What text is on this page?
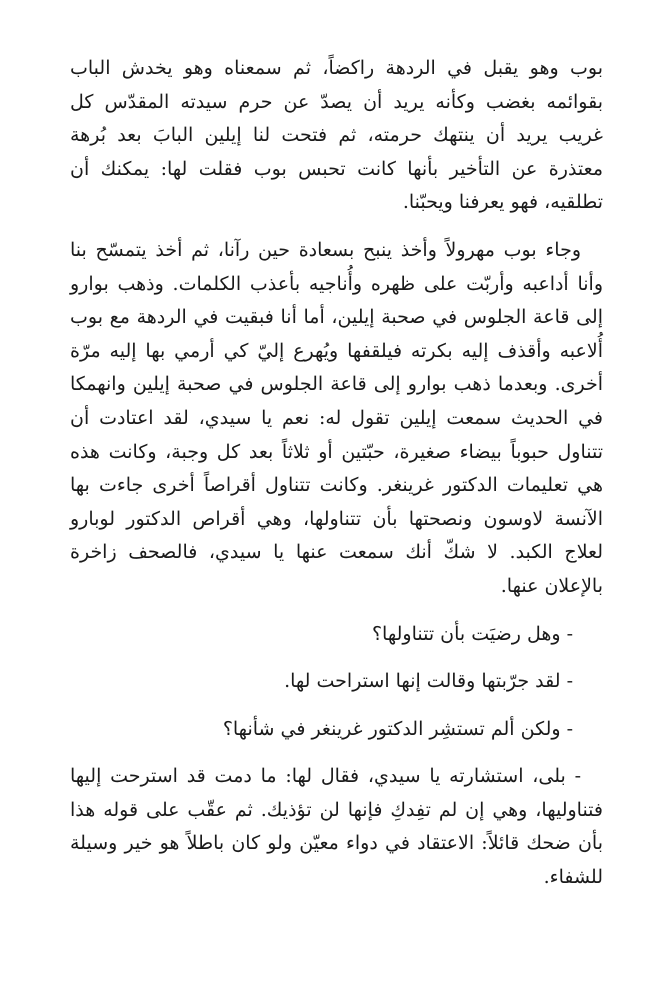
بوب وهو يقبل في الردهة راكضاً، ثم سمعناه وهو يخدش الباب بقوائمه بغضب وكأنه يريد أن يصدّ عن حرم سيدته المقدّس كل غريب يريد أن ينتهك حرمته، ثم فتحت لنا إيلين البابَ بعد بُرهة معتذرة عن التأخير بأنها كانت تحبس بوب فقلت لها: يمكنك أن تطلقيه، فهو يعرفنا ويحبّنا.

وجاء بوب مهرولاً وأخذ ينبح بسعادة حين رآنا، ثم أخذ يتمسّح بنا وأنا أداعبه وأربّت على ظهره وأُناجيه بأعذب الكلمات. وذهب بوارو إلى قاعة الجلوس في صحبة إيلين، أما أنا فبقيت في الردهة مع بوب أُلاعبه وأقذف إليه بكرته فيلقفها ويُهرع إليّ كي أرمي بها إليه مرّة أخرى. وبعدما ذهب بوارو إلى قاعة الجلوس في صحبة إيلين وانهمكا في الحديث سمعت إيلين تقول له: نعم يا سيدي، لقد اعتادت أن تتناول حبوباً بيضاء صغيرة، حبّتين أو ثلاثاً بعد كل وجبة، وكانت هذه هي تعليمات الدكتور غرينغر. وكانت تتناول أقراصاً أخرى جاءت بها الآنسة لاوسون ونصحتها بأن تتناولها، وهي أقراص الدكتور لوبارو لعلاج الكبد. لا شكّ أنك سمعت عنها يا سيدي، فالصحف زاخرة بالإعلان عنها.

- وهل رضيَت بأن تتناولها؟

- لقد جرّبتها وقالت إنها استراحت لها.

- ولكن ألم تستشِر الدكتور غرينغر في شأنها؟

- بلى، استشارته يا سيدي، فقال لها: ما دمت قد استرحت إليها فتناوليها، وهي إن لم تفِدكِ فإنها لن تؤذيك. ثم عقّب على قوله هذا بأن ضحك قائلاً: الاعتقاد في دواء معيّن ولو كان باطلاً هو خير وسيلة للشفاء.
